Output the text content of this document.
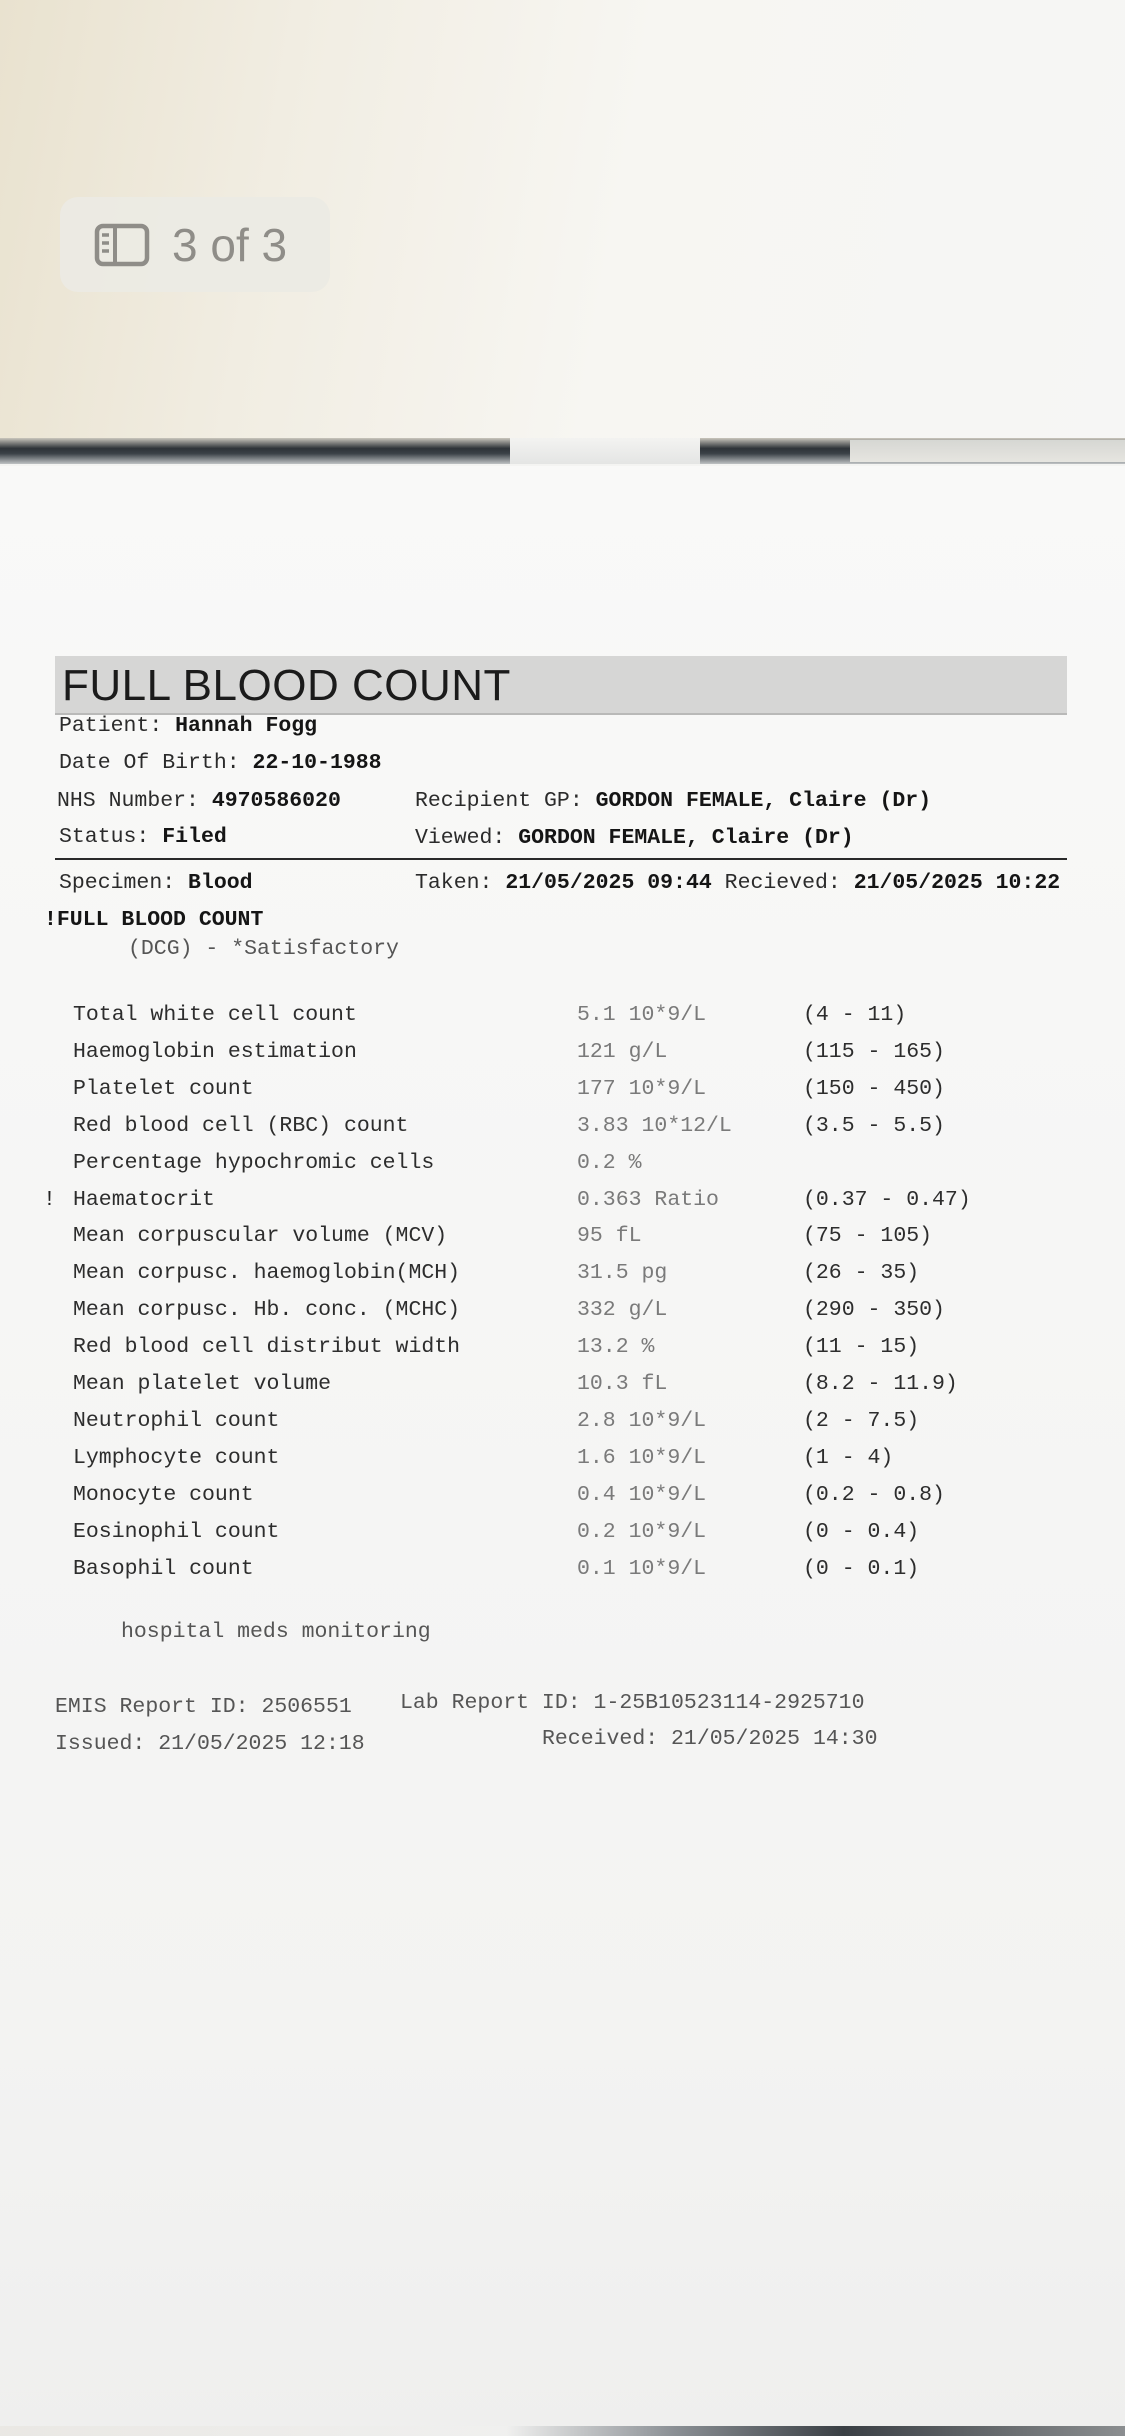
3 of 3
FULL BLOOD COUNT
Patient: Hannah Fogg
Date Of Birth: 22-10-1988
NHS Number: 4970586020	Recipient GP: GORDON FEMALE, Claire (Dr)
Status: Filed	Viewed: GORDON FEMALE, Claire (Dr)
Specimen: Blood	Taken: 21/05/2025 09:44 Recieved: 21/05/2025 10:22
!FULL BLOOD COUNT
(DCG) - *Satisfactory
Total white cell count	5.1 10*9/L	(4 - 11)
Haemoglobin estimation	121 g/L	(115 - 165)
Platelet count	177 10*9/L	(150 - 450)
Red blood cell (RBC) count	3.83 10*12/L	(3.5 - 5.5)
Percentage hypochromic cells	0.2 %
! Haematocrit	0.363 Ratio	(0.37 - 0.47)
Mean corpuscular volume (MCV)	95 fL	(75 - 105)
Mean corpusc. haemoglobin(MCH)	31.5 pg	(26 - 35)
Mean corpusc. Hb. conc. (MCHC)	332 g/L	(290 - 350)
Red blood cell distribut width	13.2 %	(11 - 15)
Mean platelet volume	10.3 fL	(8.2 - 11.9)
Neutrophil count	2.8 10*9/L	(2 - 7.5)
Lymphocyte count	1.6 10*9/L	(1 - 4)
Monocyte count	0.4 10*9/L	(0.2 - 0.8)
Eosinophil count	0.2 10*9/L	(0 - 0.4)
Basophil count	0.1 10*9/L	(0 - 0.1)
hospital meds monitoring
EMIS Report ID: 2506551 Lab Report ID: 1-25B10523114-2925710
Issued: 21/05/2025 12:18	Received: 21/05/2025 14:30
